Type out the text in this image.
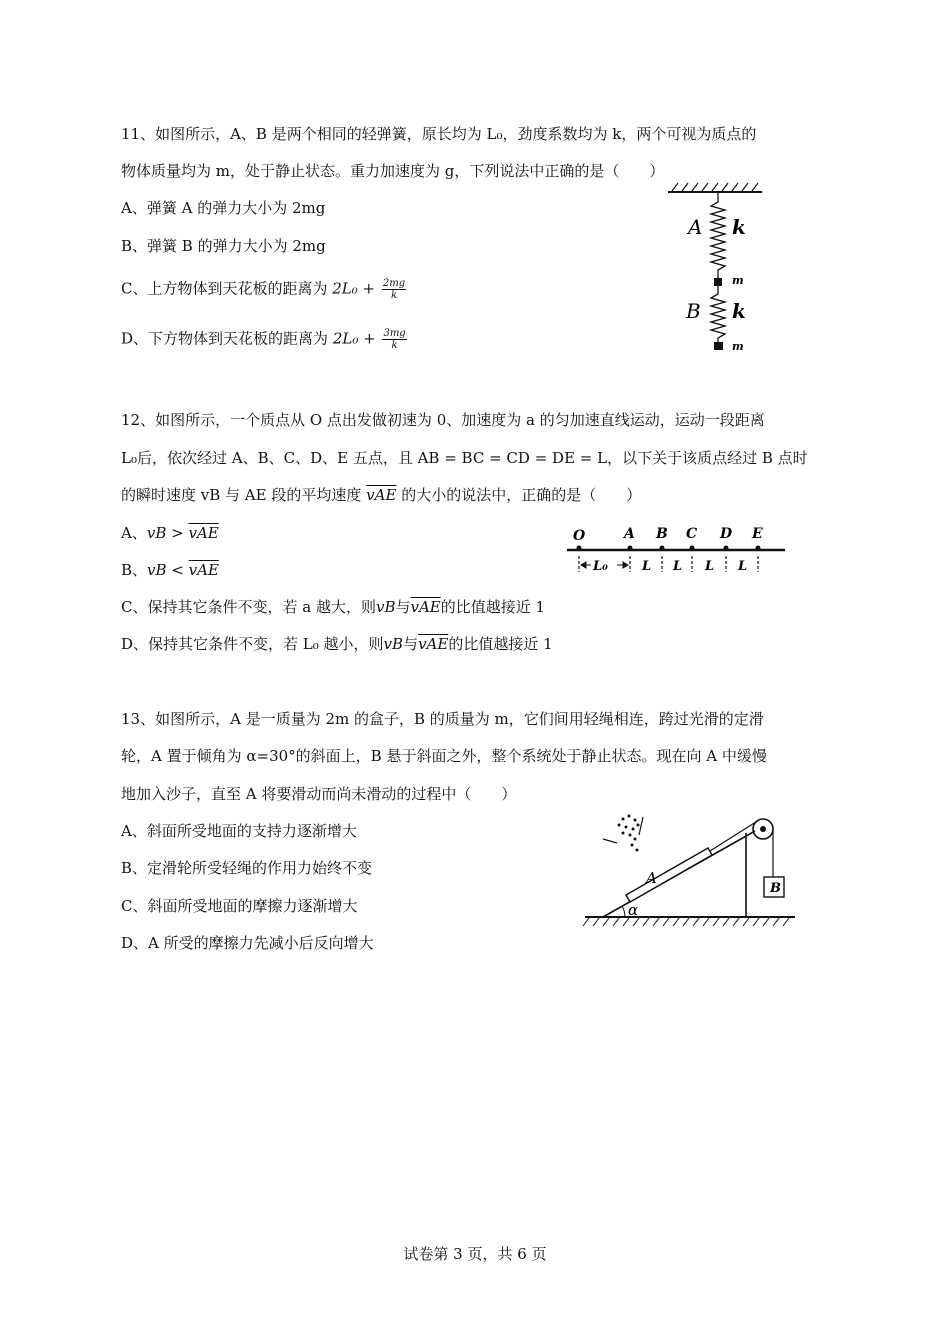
11、如图所示，A、B 是两个相同的轻弹簧，原长均为 L₀，劲度系数均为 k，两个可视为质点的
物体质量均为 m，处于静止状态。重力加速度为 g，下列说法中正确的是（　　）
A、弹簧 A 的弹力大小为 2mg
B、弹簧 B 的弹力大小为 2mg
C、上方物体到天花板的距离为 $2L_0 + \frac{2mg}{k}$
D、下方物体到天花板的距离为 $2L_0 + \frac{3mg}{k}$
A k
m
B k
m
12、如图所示，一个质点从 O 点出发做初速为 0、加速度为 a 的匀加速直线运动，运动一段距离
L₀后，依次经过 A、B、C、D、E 五点，且 AB = BC = CD = DE = L，以下关于该质点经过 B 点时
的瞬时速度 vB 与 AE 段的平均速度 $\overline{vAE}$ 的大小的说法中，正确的是（　　）
A、vB > $\overline{vAE}$
B、vB < $\overline{vAE}$
C、保持其它条件不变，若 a 越大，则vB与$\overline{vAE}$的比值越接近 1
D、保持其它条件不变，若 L₀ 越小，则vB与$\overline{vAE}$的比值越接近 1
O	A B C D E
L₀	L L L L
13、如图所示，A 是一质量为 2m 的盒子，B 的质量为 m，它们间用轻绳相连，跨过光滑的定滑
轮，A 置于倾角为 α=30°的斜面上，B 悬于斜面之外，整个系统处于静止状态。现在向 A 中缓慢
地加入沙子，直至 A 将要滑动而尚未滑动的过程中（　　）
A、斜面所受地面的支持力逐渐增大
B、定滑轮所受轻绳的作用力始终不变
C、斜面所受地面的摩擦力逐渐增大
D、A 所受的摩擦力先减小后反向增大
B
A
α
试卷第 3 页，共 6 页
